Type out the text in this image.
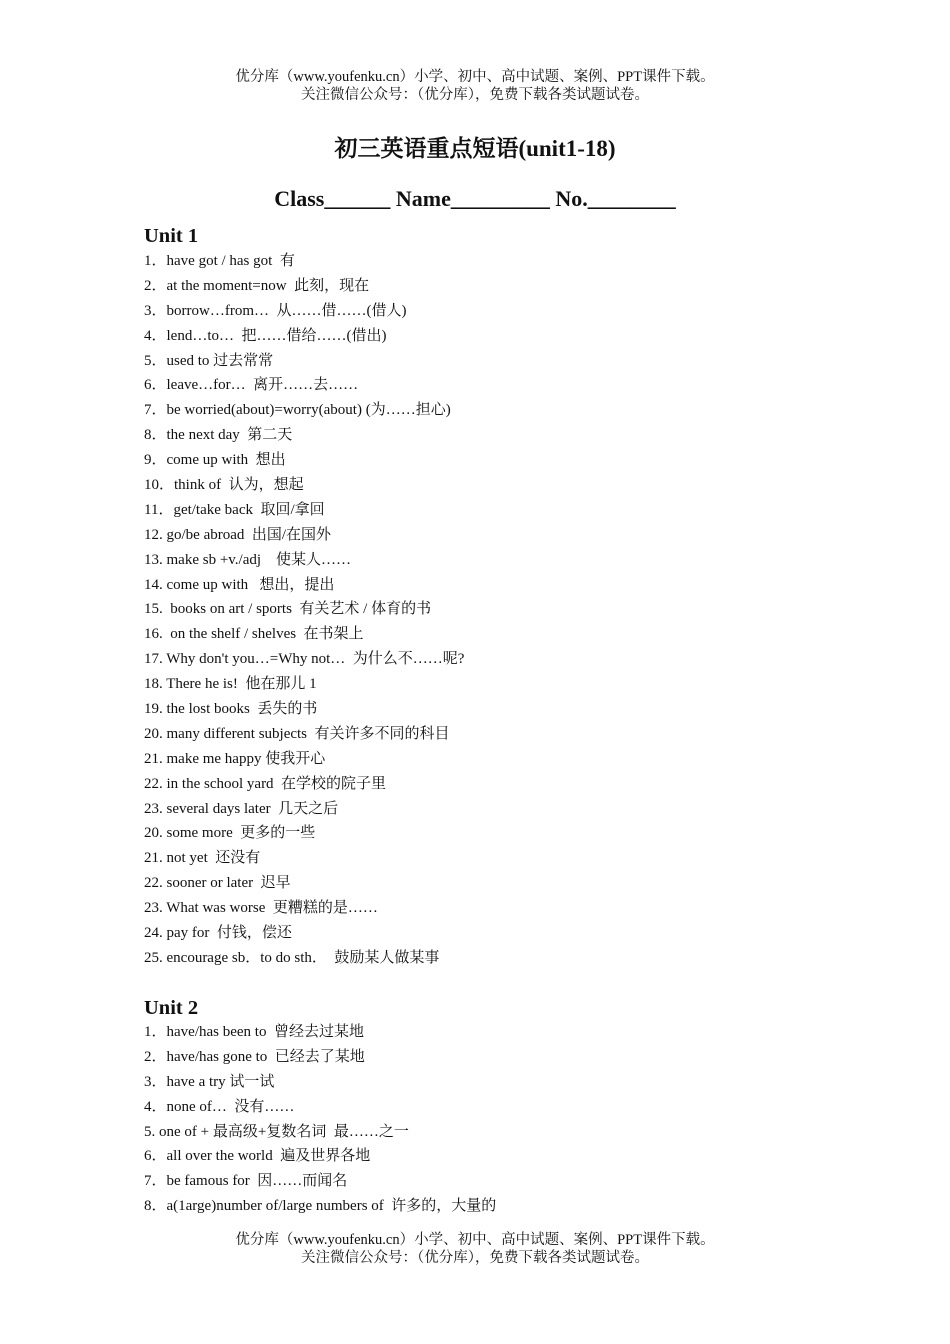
优分库（www.youfenku.cn）小学、初中、高中试题、案例、PPT课件下载。
关注微信公众号：（优分库），免费下载各类试题试卷。
初三英语重点短语(unit1-18)
Class______ Name_________ No.________
Unit 1
1．have got / has got  有
2．at the moment=now  此刻，现在
3．borrow…from…  从……借……(借人)
4．lend…to…  把……借给……(借出)
5．used to 过去常常
6．leave…for…  离开……去……
7．be worried(about)=worry(about) (为……担心)
8．the next day  第二天
9．come up with  想出
10．think of  认为，想起
11．get/take back  取回/拿回
12. go/be abroad  出国/在国外
13. make sb +v./adj    使某人……
14. come up with   想出，提出
15.  books on art / sports  有关艺术 / 体育的书
16.  on the shelf / shelves  在书架上
17. Why don't you…=Why not…  为什么不……呢?
18. There he is!  他在那儿 1
19. the lost books  丢失的书
20. many different subjects  有关许多不同的科目
21. make me happy 使我开心
22. in the school yard  在学校的院子里
23. several days later  几天之后
20. some more  更多的一些
21. not yet  还没有
22. sooner or later  迟早
23. What was worse  更糟糕的是……
24. pay for  付钱，偿还
25. encourage sb．to do sth．  鼓励某人做某事
Unit 2
1．have/has been to  曾经去过某地
2．have/has gone to  已经去了某地
3．have a try 试一试
4．none of…  没有……
5. one of + 最高级+复数名词  最……之一
6．all over the world  遍及世界各地
7．be famous for  因……而闻名
8．a(1arge)number of/large numbers of  许多的，大量的
优分库（www.youfenku.cn）小学、初中、高中试题、案例、PPT课件下载。
关注微信公众号：（优分库），免费下载各类试题试卷。
